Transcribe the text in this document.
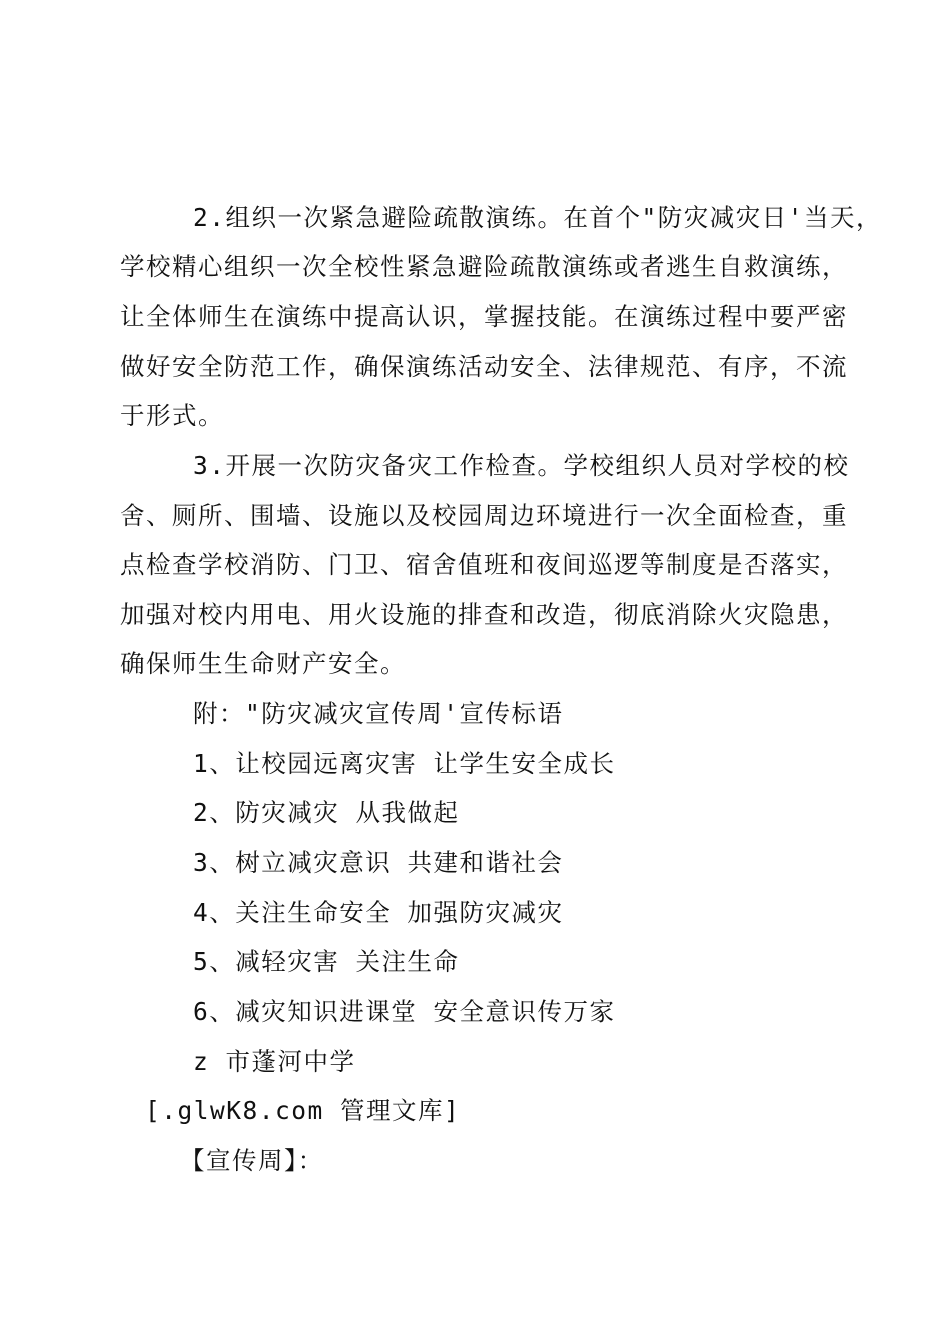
2.组织一次紧急避险疏散演练。在首个"防灾减灾日'当天，
学校精心组织一次全校性紧急避险疏散演练或者逃生自救演练，
让全体师生在演练中提高认识，掌握技能。在演练过程中要严密
做好安全防范工作，确保演练活动安全、法律规范、有序，不流
于形式。
3.开展一次防灾备灾工作检查。学校组织人员对学校的校
舍、厕所、围墙、设施以及校园周边环境进行一次全面检查，重
点检查学校消防、门卫、宿舍值班和夜间巡逻等制度是否落实，
加强对校内用电、用火设施的排查和改造，彻底消除火灾隐患，
确保师生生命财产安全。
附："防灾减灾宣传周'宣传标语
1、让校园远离灾害 让学生安全成长
2、防灾减灾 从我做起
3、树立减灾意识 共建和谐社会
4、关注生命安全 加强防灾减灾
5、减轻灾害 关注生命
6、减灾知识进课堂 安全意识传万家
z 市蓬河中学
[.glwK8.com 管理文库]
【宣传周】：
